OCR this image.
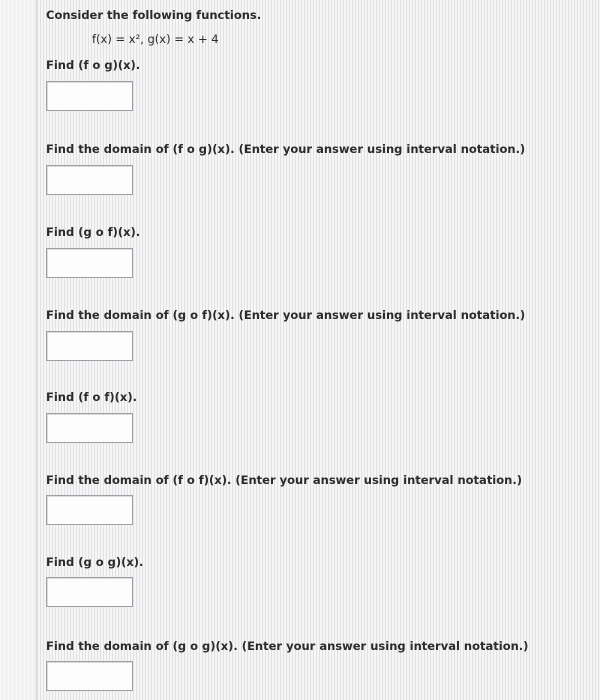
Consider the following functions.
f(x) = x², g(x) = x + 4
Find (f o g)(x).
Find the domain of (f o g)(x). (Enter your answer using interval notation.)
Find (g o f)(x).
Find the domain of (g o f)(x). (Enter your answer using interval notation.)
Find (f o f)(x).
Find the domain of (f o f)(x). (Enter your answer using interval notation.)
Find (g o g)(x).
Find the domain of (g o g)(x). (Enter your answer using interval notation.)
